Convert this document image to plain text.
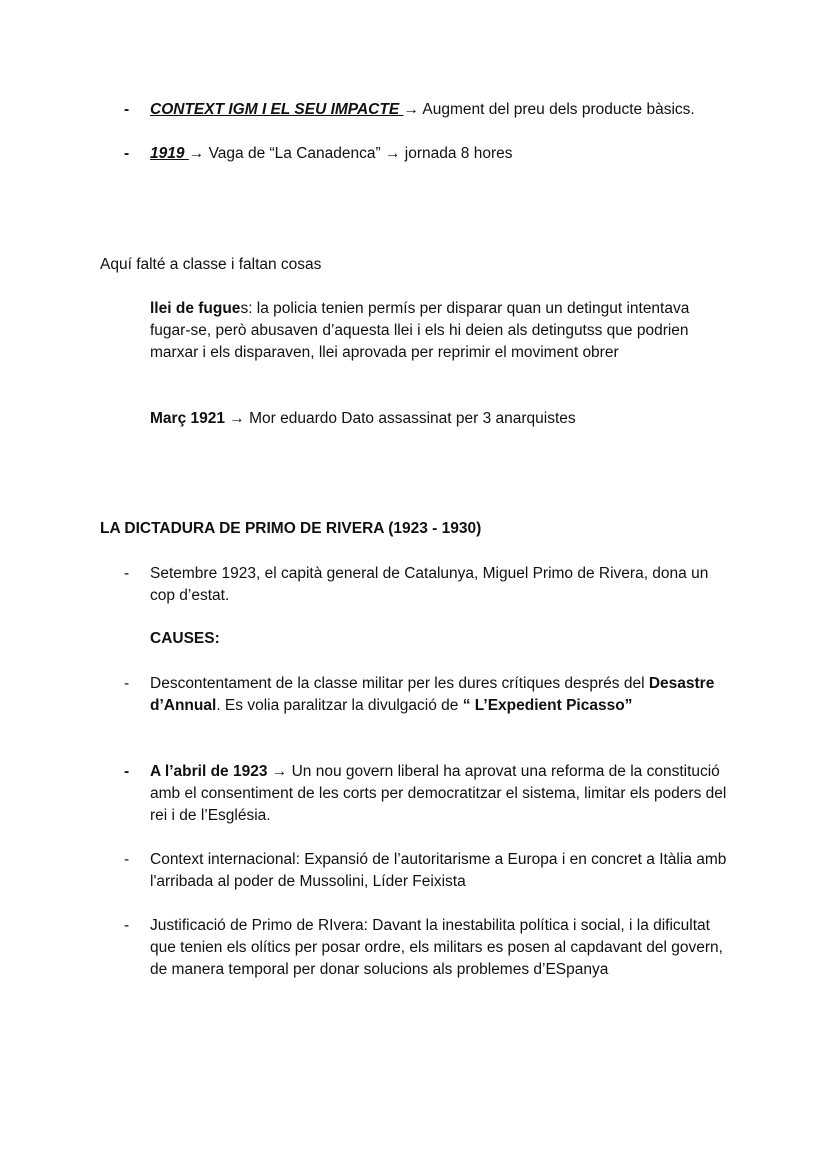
-	CONTEXT IGM I EL SEU IMPACTE → Augment del preu dels producte bàsics.
-	1919 → Vaga de “La Canadenca” → jornada 8 hores
Aquí falté a classe i faltan cosas
llei de fugues: la policia tenien permís per disparar quan un detingut intentava fugar-se, però abusaven d’aquesta llei i els hi deien als detingutss que podrien marxar i els disparaven, llei aprovada per reprimir el moviment obrer
Març 1921 → Mor eduardo Dato assassinat per 3 anarquistes
LA DICTADURA DE PRIMO DE RIVERA (1923 - 1930)
-	Setembre 1923, el capità general de Catalunya, Miguel Primo de Rivera, dona un cop d’estat.
CAUSES:
-	Descontentament de la classe militar per les dures crítiques després del Desastre d’Annual. Es volia paralitzar la divulgació de “ L’Expedient Picasso”
-	A l’abril de 1923 → Un nou govern liberal ha aprovat una reforma de la constitució amb el consentiment de les corts per democratitzar el sistema, limitar els poders del rei i de l’Església.
-	Context internacional: Expansió de l’autoritarisme a Europa i en concret a Itàlia amb l'arribada al poder de Mussolini, Líder Feixista
-	Justificació de Primo de RIvera: Davant la inestabilita política i social, i la dificultat que tenien els olítics per posar ordre, els militars es posen al capdavant del govern, de manera temporal per donar solucions als problemes d’ESpanya
